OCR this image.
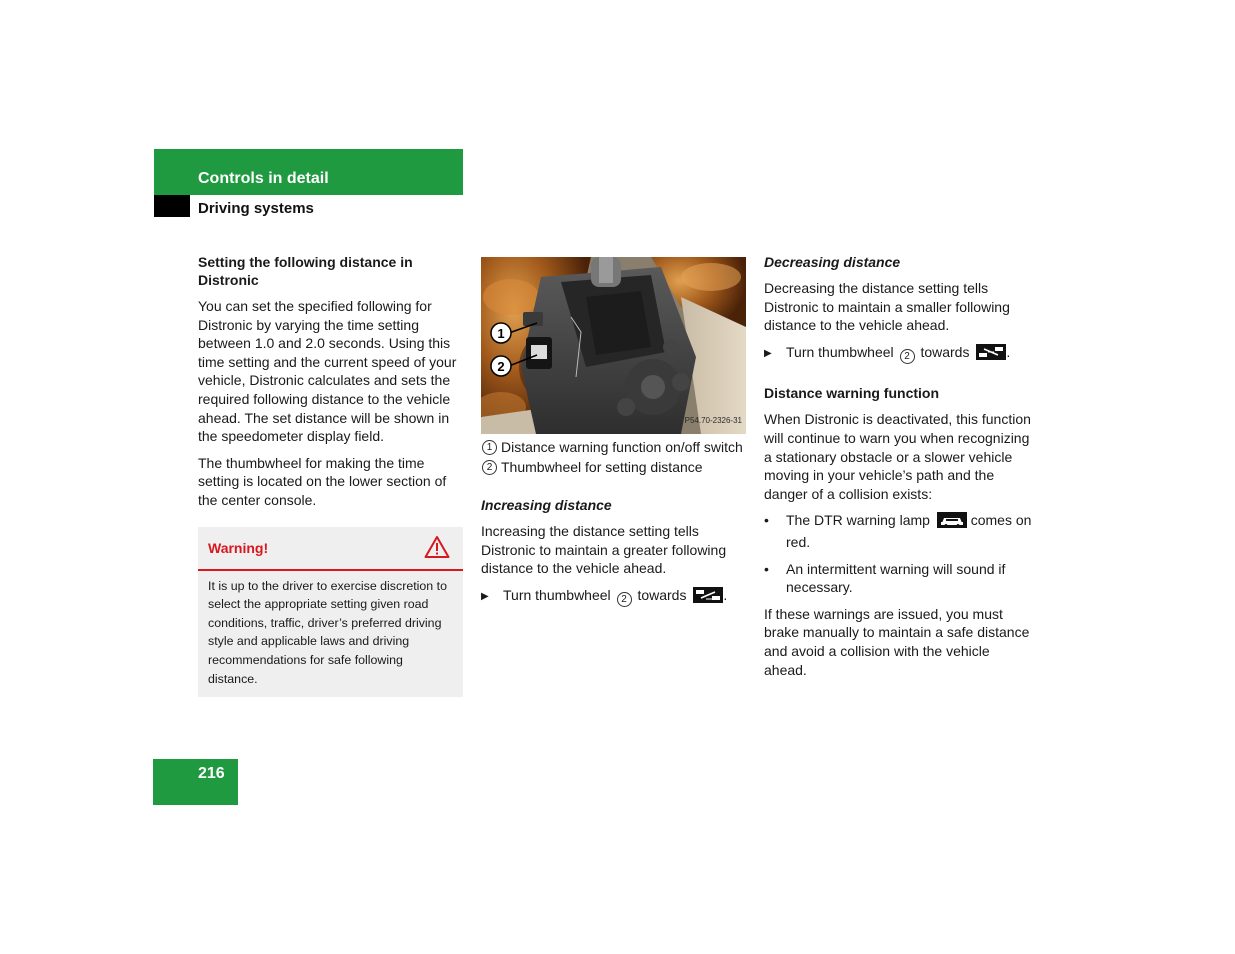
Controls in detail
Driving systems
Setting the following distance in Distronic

You can set the specified following for Distronic by varying the time setting between 1.0 and 2.0 seconds. Using this time setting and the current speed of your vehicle, Distronic calculates and sets the required following distance to the vehicle ahead. The set distance will be shown in the speedometer display field.

The thumbwheel for making the time setting is located on the lower section of the center console.

Warning!
It is up to the driver to exercise discretion to select the appropriate setting given road conditions, traffic, driver’s preferred driving style and applicable laws and driving recommendations for safe following distance.
1
2
P54.70-2326-31
1 Distance warning function on/off switch
2 Thumbwheel for setting distance
Increasing distance

Increasing the distance setting tells Distronic to maintain a greater following distance to the vehicle ahead.

▶	Turn thumbwheel 2 towards	.
Decreasing distance

Decreasing the distance setting tells Distronic to maintain a smaller following distance to the vehicle ahead.

▶	Turn thumbwheel 2 towards	.
Distance warning function

When Distronic is deactivated, this function will continue to warn you when recognizing a stationary obstacle or a slower vehicle moving in your vehicle’s path and the danger of a collision exists:

•	The DTR warning lamp	comes on red.
•	An intermittent warning will sound if necessary.

If these warnings are issued, you must brake manually to maintain a safe distance and avoid a collision with the vehicle ahead.

216
